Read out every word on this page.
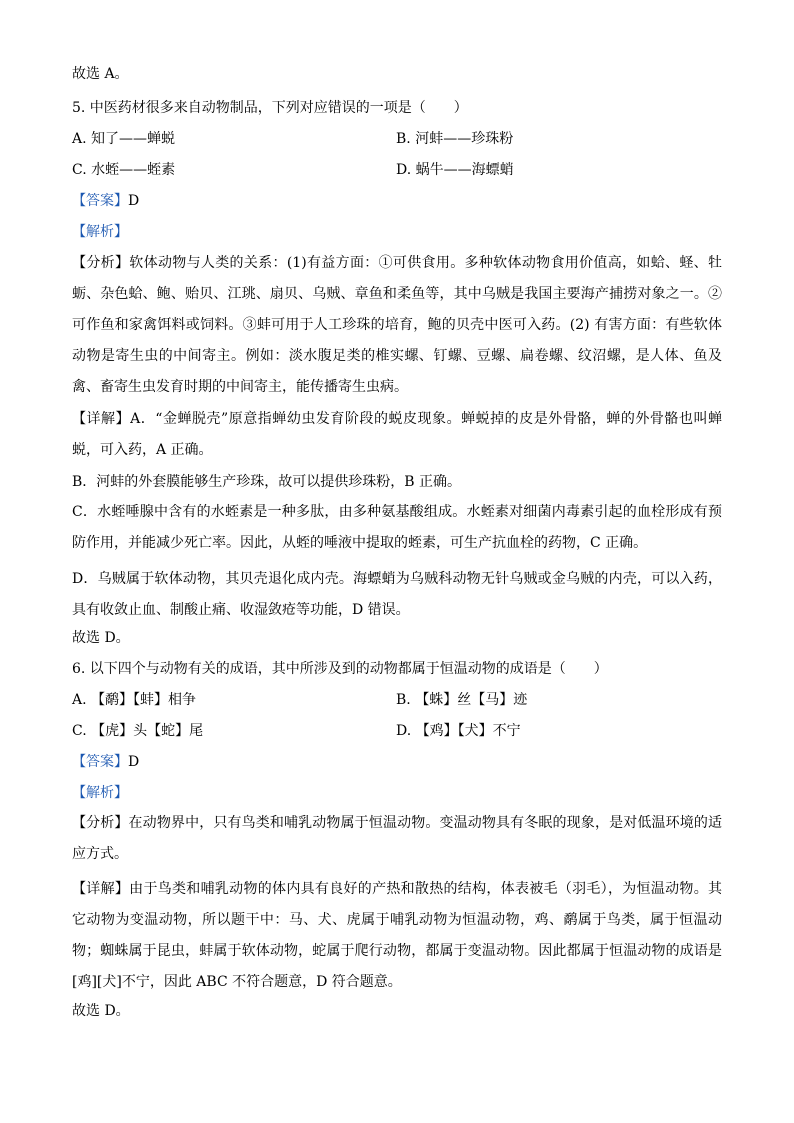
故选 A。
5. 中医药材很多来自动物制品，下列对应错误的一项是（　　）
A. 知了——蝉蜕	B. 河蚌——珍珠粉
C. 水蛭——蛭素	D. 蜗牛——海螵蛸
【答案】D
【解析】
【分析】软体动物与人类的关系：(1)有益方面：①可供食用。多种软体动物食用价值高，如蛤、蛏、牡蛎、杂色蛤、鲍、贻贝、江珧、扇贝、乌贼、章鱼和柔鱼等，其中乌贼是我国主要海产捕捞对象之一。②可作鱼和家禽饵料或饲料。③蚌可用于人工珍珠的培育，鲍的贝壳中医可入药。(2) 有害方面：有些软体动物是寄生虫的中间寄主。例如：淡水腹足类的椎实螺、钉螺、豆螺、扁卷螺、纹沼螺，是人体、鱼及禽、畜寄生虫发育时期的中间寄主，能传播寄生虫病。
【详解】A．“金蝉脱壳”原意指蝉幼虫发育阶段的蜕皮现象。蝉蜕掉的皮是外骨骼，蝉的外骨骼也叫蝉蜕，可入药，A 正确。
B．河蚌的外套膜能够生产珍珠，故可以提供珍珠粉，B 正确。
C．水蛭唾腺中含有的水蛭素是一种多肽，由多种氨基酸组成。水蛭素对细菌内毒素引起的血栓形成有预防作用，并能减少死亡率。因此，从蛭的唾液中提取的蛭素，可生产抗血栓的药物，C 正确。
D．乌贼属于软体动物，其贝壳退化成内壳。海螵蛸为乌贼科动物无针乌贼或金乌贼的内壳，可以入药，具有收敛止血、制酸止痛、收湿敛疮等功能，D 错误。
故选 D。
6. 以下四个与动物有关的成语，其中所涉及到的动物都属于恒温动物的成语是（　　）
A. 【鹬】【蚌】相争	B. 【蛛】丝【马】迹
C. 【虎】头【蛇】尾	D. 【鸡】【犬】不宁
【答案】D
【解析】
【分析】在动物界中，只有鸟类和哺乳动物属于恒温动物。变温动物具有冬眠的现象，是对低温环境的适应方式。
【详解】由于鸟类和哺乳动物的体内具有良好的产热和散热的结构，体表被毛（羽毛），为恒温动物。其它动物为变温动物，所以题干中：马、犬、虎属于哺乳动物为恒温动物，鸡、鹬属于鸟类，属于恒温动物；蜘蛛属于昆虫，蚌属于软体动物，蛇属于爬行动物，都属于变温动物。因此都属于恒温动物的成语是[鸡][犬]不宁，因此 ABC 不符合题意，D 符合题意。
故选 D。
